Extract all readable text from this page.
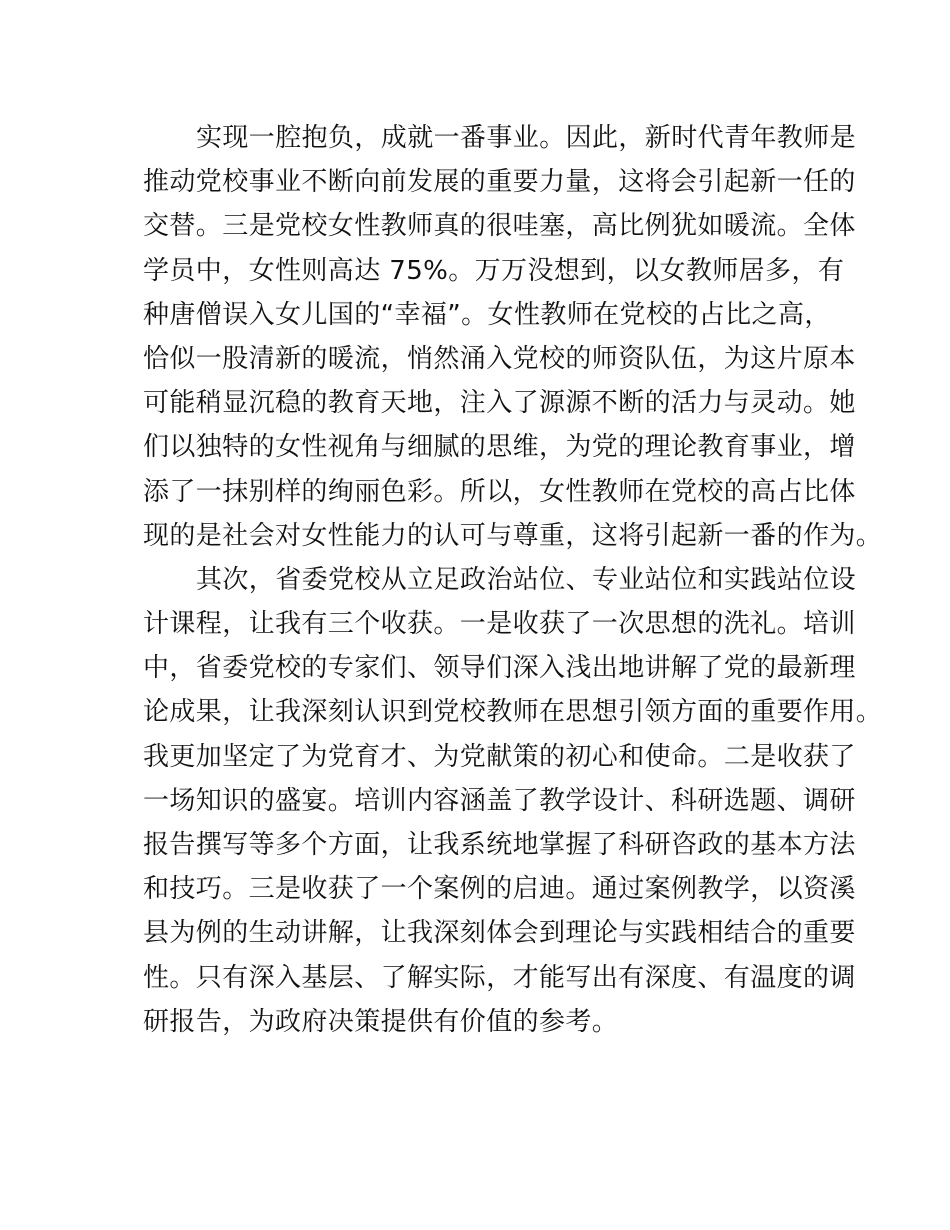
实现一腔抱负，成就一番事业。因此，新时代青年教师是
推动党校事业不断向前发展的重要力量，这将会引起新一任的
交替。三是党校女性教师真的很哇塞，高比例犹如暖流。全体
学员中，女性则高达 75%。万万没想到，以女教师居多，有
种唐僧误入女儿国的“幸福”。女性教师在党校的占比之高，
恰似一股清新的暖流，悄然涌入党校的师资队伍，为这片原本
可能稍显沉稳的教育天地，注入了源源不断的活力与灵动。她
们以独特的女性视角与细腻的思维，为党的理论教育事业，增
添了一抹别样的绚丽色彩。所以，女性教师在党校的高占比体
现的是社会对女性能力的认可与尊重，这将引起新一番的作为。
其次，省委党校从立足政治站位、专业站位和实践站位设
计课程，让我有三个收获。一是收获了一次思想的洗礼。培训
中，省委党校的专家们、领导们深入浅出地讲解了党的最新理
论成果，让我深刻认识到党校教师在思想引领方面的重要作用。
我更加坚定了为党育才、为党献策的初心和使命。二是收获了
一场知识的盛宴。培训内容涵盖了教学设计、科研选题、调研
报告撰写等多个方面，让我系统地掌握了科研咨政的基本方法
和技巧。三是收获了一个案例的启迪。通过案例教学，以资溪
县为例的生动讲解，让我深刻体会到理论与实践相结合的重要
性。只有深入基层、了解实际，才能写出有深度、有温度的调
研报告，为政府决策提供有价值的参考。
